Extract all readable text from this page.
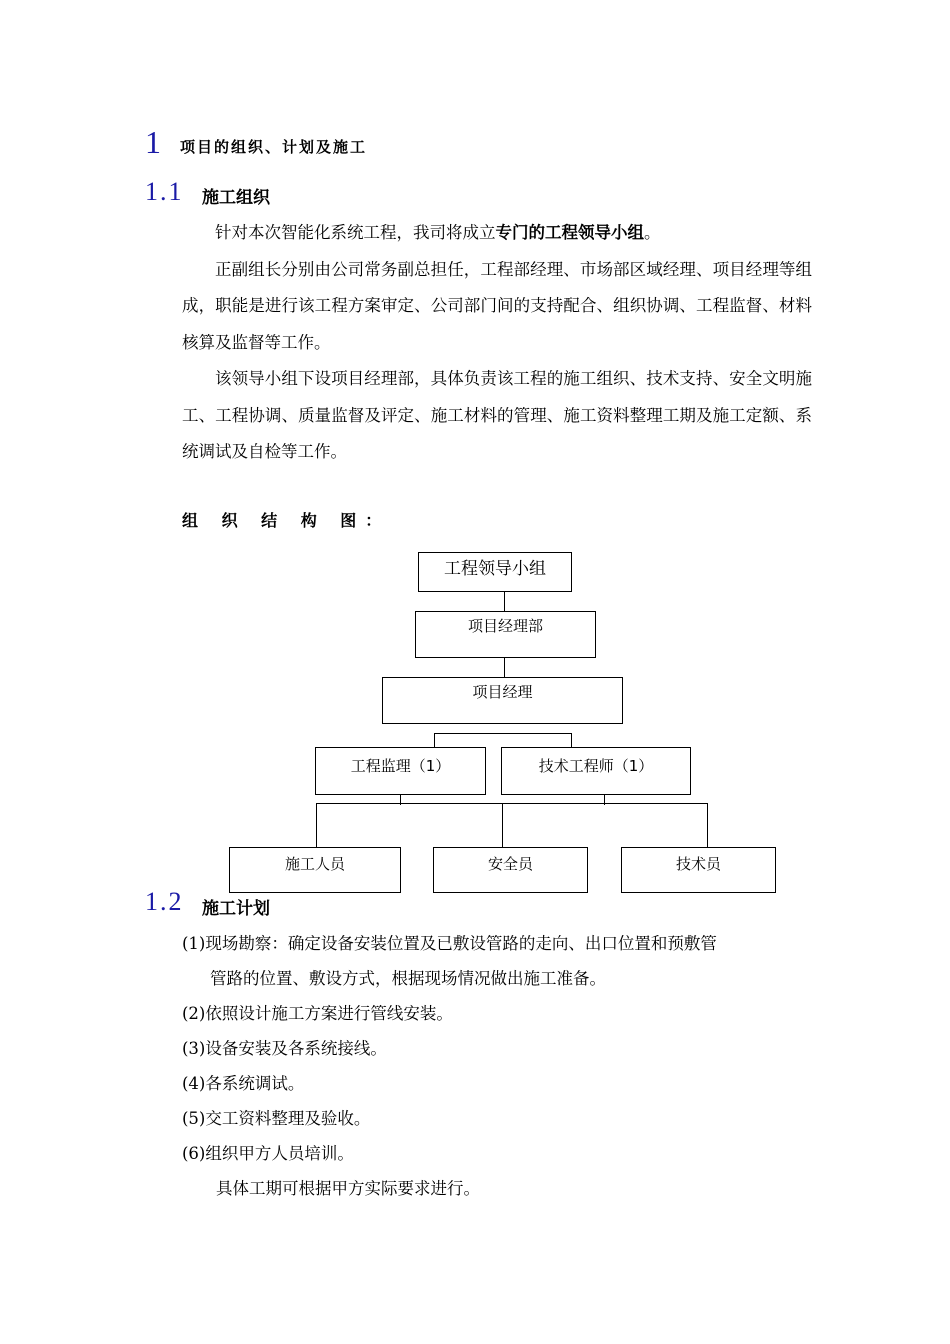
1 项目的组织、计划及施工
1.1 施工组织

针对本次智能化系统工程，我司将成立专门的工程领导小组。

正副组长分别由公司常务副总担任，工程部经理、市场部区域经理、项目经理等组成，职能是进行该工程方案审定、公司部门间的支持配合、组织协调、工程监督、材料核算及监督等工作。

该领导小组下设项目经理部，具体负责该工程的施工组织、技术支持、安全文明施工、工程协调、质量监督及评定、施工材料的管理、施工资料整理工期及施工定额、系统调试及自检等工作。

组 织 结 构 图：
工程领导小组
项目经理部
项目经理
工程监理（1）	技术工程师（1）
施工人员	安全员	技术员
1.2 施工计划
(1)现场勘察：确定设备安装位置及已敷设管路的走向、出口位置和预敷管
管路的位置、敷设方式，根据现场情况做出施工准备。
(2)依照设计施工方案进行管线安装。
(3)设备安装及各系统接线。
(4)各系统调试。
(5)交工资料整理及验收。
(6)组织甲方人员培训。
具体工期可根据甲方实际要求进行。
